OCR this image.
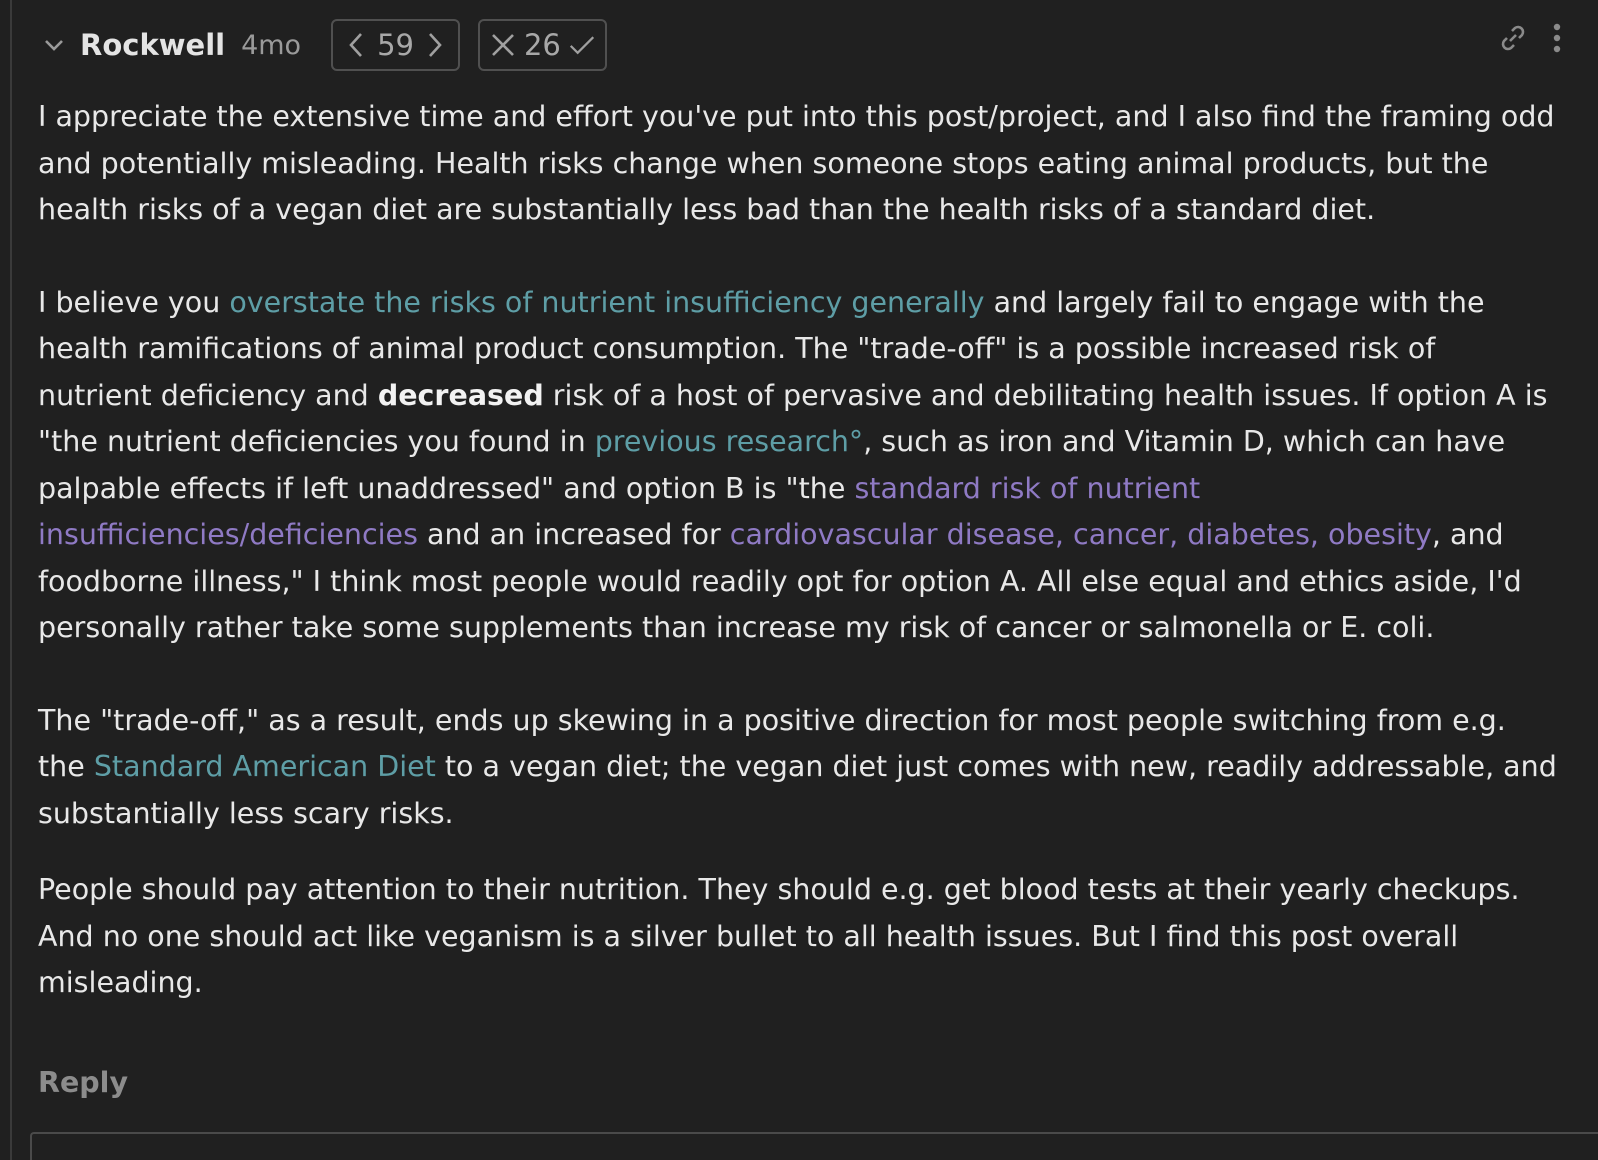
Rockwell 4mo	59	26

I appreciate the extensive time and effort you've put into this post/project, and I also find the framing odd and potentially misleading. Health risks change when someone stops eating animal products, but the health risks of a vegan diet are substantially less bad than the health risks of a standard diet.

I believe you overstate the risks of nutrient insufficiency generally and largely fail to engage with the health ramifications of animal product consumption. The "trade-off" is a possible increased risk of nutrient deficiency and decreased risk of a host of pervasive and debilitating health issues. If option A is "the nutrient deficiencies you found in previous research°, such as iron and Vitamin D, which can have palpable effects if left unaddressed" and option B is "the standard risk of nutrient insufficiencies/deficiencies and an increased for cardiovascular disease, cancer, diabetes, obesity, and foodborne illness," I think most people would readily opt for option A. All else equal and ethics aside, I'd personally rather take some supplements than increase my risk of cancer or salmonella or E. coli.

The "trade-off," as a result, ends up skewing in a positive direction for most people switching from e.g. the Standard American Diet to a vegan diet; the vegan diet just comes with new, readily addressable, and substantially less scary risks.

People should pay attention to their nutrition. They should e.g. get blood tests at their yearly checkups. And no one should act like veganism is a silver bullet to all health issues. But I find this post overall misleading.

Reply
